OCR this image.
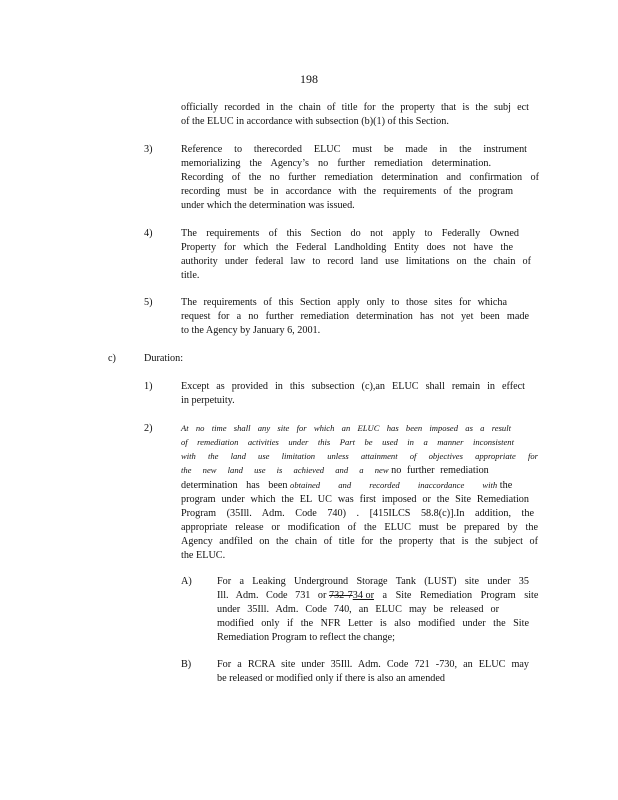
198
officially recorded in the chain of title for the property that is the subj ect
of the ELUC in accordance with subsection (b)(1) of this Section.
3)	Reference to therecorded ELUC must be made in the instrument
memorializing the Agency’s no further remediation determination.
Recording of the no further remediation determination and confirmation of
recording must be in accordance with the requirements of the program
under which the determination was issued.
4)	The requirements of this Section do not apply to Federally Owned
Property for which the Federal Landholding Entity does not have the
authority under federal law to record land use limitations on the chain of
title.
5)	The requirements of this Section apply only to those sites for whicha
request for a no further remediation determination has not yet been made
to the Agency by January 6, 2001.
c)	Duration:
1)	Except as provided in this subsection (c),an ELUC shall remain in effect
in perpetuity.
2)	At no time shall any site for which an ELUC has been imposed as a result
of remediation activities under this Part be used in a manner inconsistent
with the land use limitation unless attainment of objectives appropriate for
the new land use is achieved and a new no further remediation
determination has been obtained and recorded inaccordance with the
program under which the EL UC was first imposed or the Site Remediation
Program (35Ill. Adm. Code 740) . [415ILCS 58.8(c)].In addition, the
appropriate release or modification of the ELUC must be prepared by the
Agency andfiled on the chain of title for the property that is the subject of
the ELUC.
A) For a Leaking Underground Storage Tank (LUST) site under 35
Ill. Adm. Code 731 or 732-734 or a Site Remediation Program site
under 35Ill. Adm. Code 740, an ELUC may be released or
modified only if the NFR Letter is also modified under the Site
Remediation Program to reflect the change;
B)	For a RCRA site under 35Ill. Adm. Code 721 -730, an ELUC may
be released or modified only if there is also an amended
